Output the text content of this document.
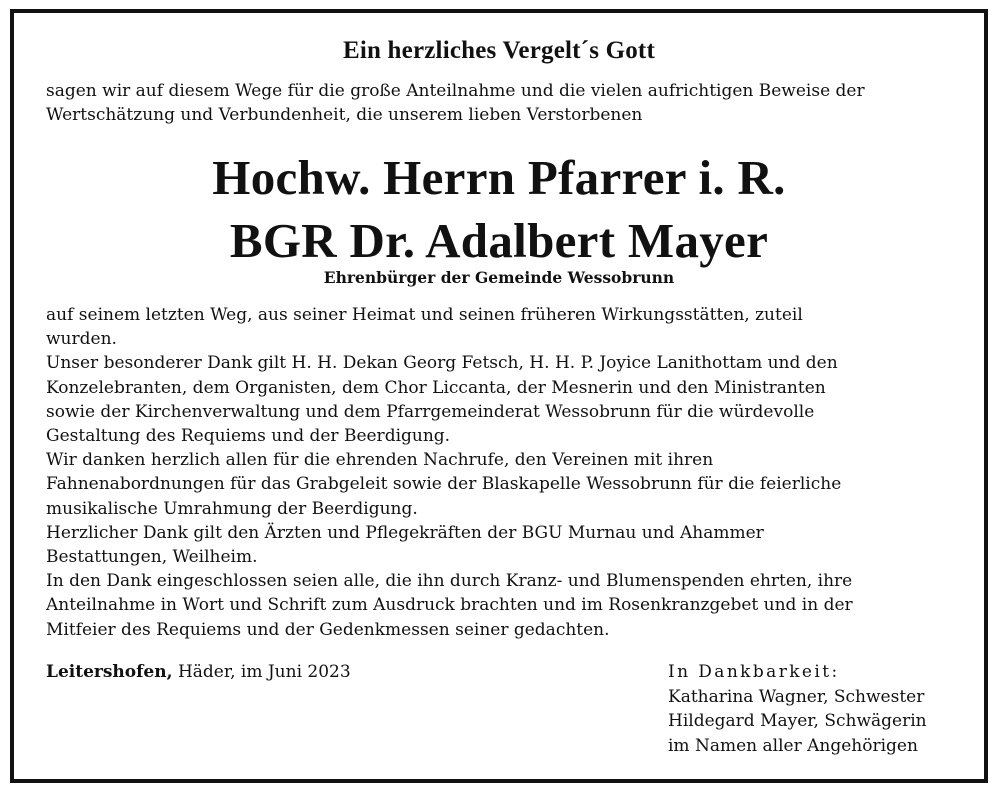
Ein herzliches Vergelt´s Gott
sagen wir auf diesem Wege für die große Anteilnahme und die vielen aufrichtigen Beweise der
Wertschätzung und Verbundenheit, die unserem lieben Verstorbenen
Hochw. Herrn Pfarrer i. R.
BGR Dr. Adalbert Mayer
Ehrenbürger der Gemeinde Wessobrunn
auf seinem letzten Weg, aus seiner Heimat und seinen früheren Wirkungsstätten, zuteil
wurden.
Unser besonderer Dank gilt H. H. Dekan Georg Fetsch, H. H. P. Joyice Lanithottam und den
Konzelebranten, dem Organisten, dem Chor Liccanta, der Mesnerin und den Ministranten
sowie der Kirchenverwaltung und dem Pfarrgemeinderat Wessobrunn für die würdevolle
Gestaltung des Requiems und der Beerdigung.
Wir danken herzlich allen für die ehrenden Nachrufe, den Vereinen mit ihren
Fahnenabordnungen für das Grabgeleit sowie der Blaskapelle Wessobrunn für die feierliche
musikalische Umrahmung der Beerdigung.
Herzlicher Dank gilt den Ärzten und Pflegekräften der BGU Murnau und Ahammer
Bestattungen, Weilheim.
In den Dank eingeschlossen seien alle, die ihn durch Kranz- und Blumenspenden ehrten, ihre
Anteilnahme in Wort und Schrift zum Ausdruck brachten und im Rosenkranzgebet und in der
Mitfeier des Requiems und der Gedenkmessen seiner gedachten.
Leitershofen, Häder, im Juni 2023	In Dankbarkeit:
Katharina Wagner, Schwester
Hildegard Mayer, Schwägerin
im Namen aller Angehörigen
